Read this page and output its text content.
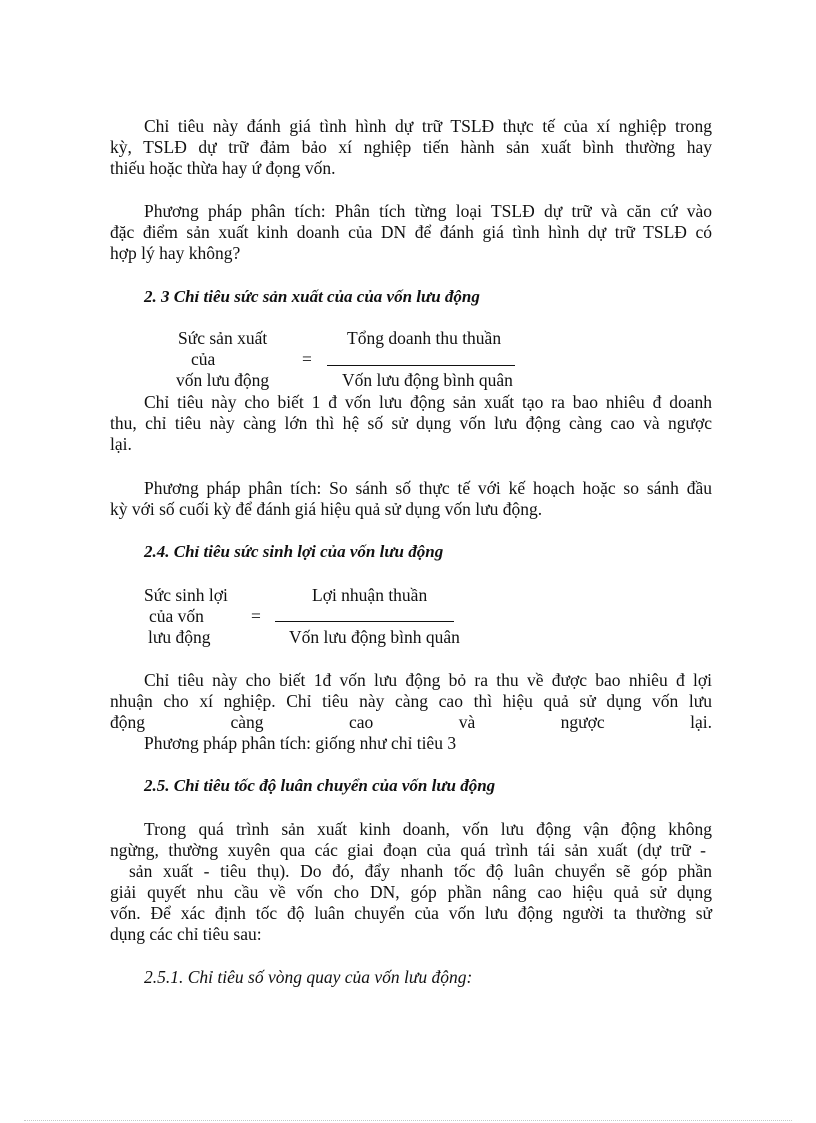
Chỉ tiêu này đánh giá tình hình dự trữ TSLĐ thực tế của xí nghiệp trong
kỳ, TSLĐ dự trữ đảm bảo xí nghiệp tiến hành sản xuất bình thường hay
thiếu hoặc thừa hay ứ đọng vốn.
Phương pháp phân tích: Phân tích từng loại TSLĐ dự trữ và căn cứ vào
đặc điểm sản xuất kinh doanh của DN để đánh giá tình hình dự trữ TSLĐ có
hợp lý hay không?
2. 3 Chỉ tiêu sức sản xuất của của vốn lưu động
Sức sản xuất
của
vốn lưu động
=
Tổng doanh thu thuần
Vốn lưu động bình quân
Chỉ tiêu này cho biết 1 đ vốn lưu động sản xuất tạo ra bao nhiêu đ doanh
thu, chỉ tiêu này càng lớn thì hệ số sử dụng vốn lưu động càng cao và ngược
lại.
Phương pháp phân tích: So sánh số thực tế với kế hoạch hoặc so sánh đầu
kỳ với số cuối kỳ để đánh giá hiệu quả sử dụng vốn lưu động.
2.4. Chỉ tiêu sức sinh lợi của vốn lưu động
Sức sinh lợi
của vốn
lưu động
=
Lợi nhuận thuần
Vốn lưu động bình quân
Chỉ tiêu này cho biết 1đ vốn lưu động bỏ ra thu về được bao nhiêu đ lợi
nhuận cho xí nghiệp. Chỉ tiêu này càng cao thì hiệu quả sử dụng vốn lưu
động càng cao và ngược lại.
Phương pháp phân tích: giống như chỉ tiêu 3
2.5. Chỉ tiêu tốc độ luân chuyển của vốn lưu động
Trong quá trình sản xuất kinh doanh, vốn lưu động vận động không
ngừng, thường xuyên qua các giai đoạn của quá trình tái sản xuất (dự trữ -
sản xuất - tiêu thụ). Do đó, đẩy nhanh tốc độ luân chuyển sẽ góp phần
giải quyết nhu cầu về vốn cho DN, góp phần nâng cao hiệu quả sử dụng
vốn. Để xác định tốc độ luân chuyển của vốn lưu động người ta thường sử
dụng các chỉ tiêu sau:
2.5.1. Chỉ tiêu số vòng quay của vốn lưu động:
